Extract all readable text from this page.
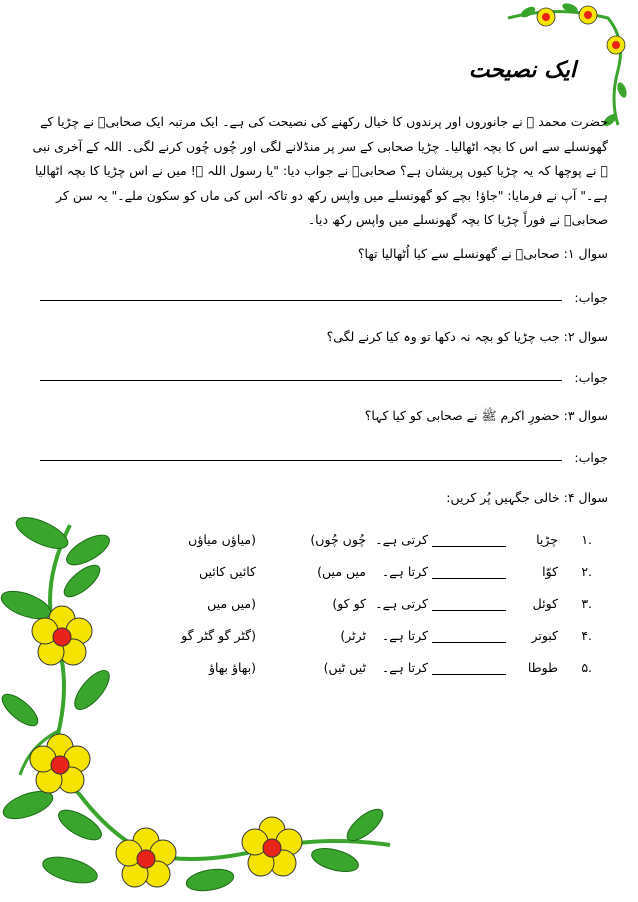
ایک نصیحت
حضرت محمد ﷺ نے جانوروں اور پرندوں کا خیال رکھنے کی نصیحت کی ہے۔ ایک مرتبہ ایک صحابیؓ نے چڑیا کے گھونسلے سے اس کا بچہ اٹھالیا۔ چڑیا صحابی کے سر پر منڈلانے لگی اور چُوں چُوں کرنے لگی۔ اللہ کے آخری نبی ﷺ نے پوچھا کہ یہ چڑیا کیوں پریشان ہے؟ صحابیؓ نے جواب دیا: "یا رسول اللہ ﷺ! میں نے اس چڑیا کا بچہ اٹھالیا ہے۔" آپ نے فرمایا: "جاؤ! بچے کو گھونسلے میں واپس رکھ دو تاکہ اس کی ماں کو سکون ملے۔" یہ سن کر صحابیؓ نے فوراً چڑیا کا بچہ گھونسلے میں واپس رکھ دیا۔
سوال ۱: صحابیؓ نے گھونسلے سے کیا اُٹھالیا تھا؟
جواب:
سوال ۲: جب چڑیا کو بچہ نہ دکھا تو وہ کیا کرنے لگی؟
جواب:
سوال ۳: حضورِ اکرم ﷺ نے صحابی کو کیا کہا؟
جواب:
سوال ۴: خالی جگہیں پُر کریں:
۱.
چڑیا
کرتی ہے۔
(چُوں چُوں
میاؤں میاؤں)
۲.
کوّا
کرتا ہے۔
(میں میں
کائیں کائیں
۳.
کوئل
کرتی ہے۔
(کو کو
میں میں)
۴.
کبوتر
کرتا ہے۔
(ٹرٹر
گٹر گو گٹر گو)
۵.
طوطا
کرتا ہے۔
(ٹیں ٹیں
بھاؤ بھاؤ)
